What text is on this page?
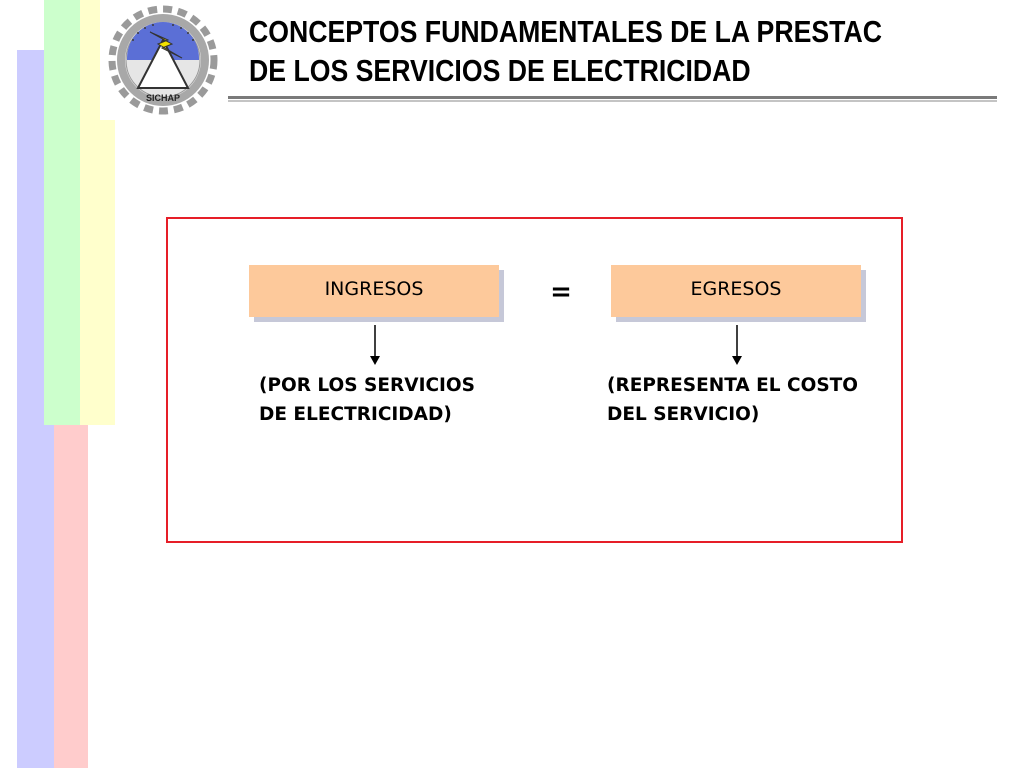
SICHAP
CONCEPTOS FUNDAMENTALES DE LA PRESTAC
DE LOS SERVICIOS DE ELECTRICIDAD
INGRESOS	=	EGRESOS
(POR LOS SERVICIOS
DE ELECTRICIDAD)
(REPRESENTA EL COSTO
DEL SERVICIO)
